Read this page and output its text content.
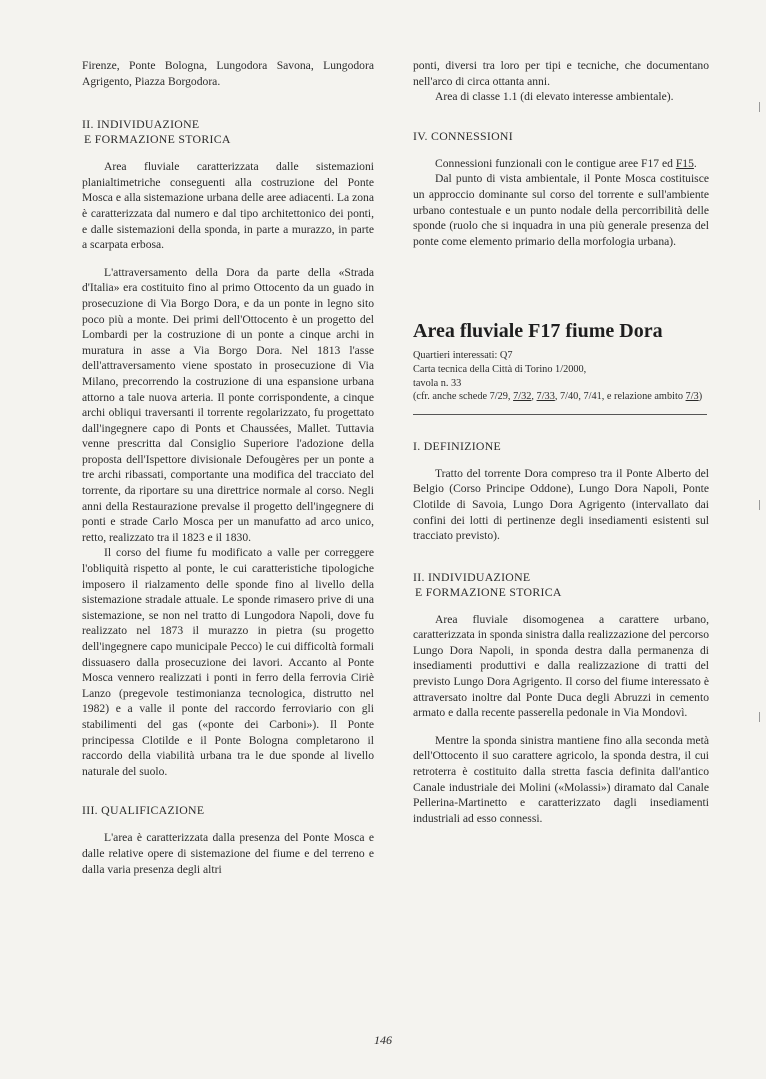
Firenze, Ponte Bologna, Lungodora Savona, Lungodora Agrigento, Piazza Borgodora.

II. INDIVIDUAZIONE
E FORMAZIONE STORICA

Area fluviale caratterizzata dalle sistemazioni planialtimetriche conseguenti alla costruzione del Ponte Mosca e alla sistemazione urbana delle aree adiacenti. La zona è caratterizzata dal numero e dal tipo architettonico dei ponti, e dalle sistemazioni della sponda, in parte a murazzo, in parte a scarpata erbosa.

L'attraversamento della Dora da parte della «Strada d'Italia» era costituito fino al primo Ottocento da un guado in prosecuzione di Via Borgo Dora, e da un ponte in legno sito poco più a monte. Dei primi dell'Ottocento è un progetto del Lombardi per la costruzione di un ponte a cinque archi in muratura in asse a Via Borgo Dora. Nel 1813 l'asse dell'attraversamento viene spostato in prosecuzione di Via Milano, precorrendo la costruzione di una espansione urbana attorno a tale nuova arteria. Il ponte corrispondente, a cinque archi obliqui traversanti il torrente regolarizzato, fu progettato dall'ingegnere capo di Ponts et Chaussées, Mallet. Tuttavia venne prescritta dal Consiglio Superiore l'adozione della proposta dell'Ispettore divisionale Defougères per un ponte a tre archi ribassati, comportante una modifica del tracciato del torrente, da riportare su una direttrice normale al corso. Negli anni della Restaurazione prevalse il progetto dell'ingegnere di ponti e strade Carlo Mosca per un manufatto ad arco unico, retto, realizzato tra il 1823 e il 1830.

Il corso del fiume fu modificato a valle per correggere l'obliquità rispetto al ponte, le cui caratteristiche tipologiche imposero il rialzamento delle sponde fino al livello della sistemazione stradale attuale. Le sponde rimasero prive di una sistemazione, se non nel tratto di Lungodora Napoli, dove fu realizzato nel 1873 il murazzo in pietra (su progetto dell'ingegnere capo municipale Pecco) le cui difficoltà formali dissuasero dalla prosecuzione dei lavori. Accanto al Ponte Mosca vennero realizzati i ponti in ferro della ferrovia Ciriè Lanzo (pregevole testimonianza tecnologica, distrutto nel 1982) e a valle il ponte del raccordo ferroviario con gli stabilimenti del gas («ponte dei Carboni»). Il Ponte principessa Clotilde e il Ponte Bologna completarono il raccordo della viabilità urbana tra le due sponde al livello naturale del suolo.

III. QUALIFICAZIONE

L'area è caratterizzata dalla presenza del Ponte Mosca e dalle relative opere di sistemazione del fiume e del terreno e dalla varia presenza degli altri

ponti, diversi tra loro per tipi e tecniche, che documentano nell'arco di circa ottanta anni.

Area di classe 1.1 (di elevato interesse ambientale).

IV. CONNESSIONI

Connessioni funzionali con le contigue aree F17 ed F15.

Dal punto di vista ambientale, il Ponte Mosca costituisce un approccio dominante sul corso del torrente e sull'ambiente urbano contestuale e un punto nodale della percorribilità delle sponde (ruolo che si inquadra in una più generale presenza del ponte come elemento primario della morfologia urbana).

Area fluviale F17 fiume Dora
Quartieri interessati: Q7
Carta tecnica della Città di Torino 1/2000,
tavola n. 33
(cfr. anche schede 7/29, 7/32, 7/33, 7/40, 7/41, e relazione ambito 7/3)

I. DEFINIZIONE

Tratto del torrente Dora compreso tra il Ponte Alberto del Belgio (Corso Principe Oddone), Lungo Dora Napoli, Ponte Clotilde di Savoia, Lungo Dora Agrigento (intervallato dai confini dei lotti di pertinenze degli insediamenti esistenti sul tracciato previsto).

II. INDIVIDUAZIONE
E FORMAZIONE STORICA

Area fluviale disomogenea a carattere urbano, caratterizzata in sponda sinistra dalla realizzazione del percorso Lungo Dora Napoli, in sponda destra dalla permanenza di insediamenti produttivi e dalla realizzazione di tratti del previsto Lungo Dora Agrigento. Il corso del fiume interessato è attraversato inoltre dal Ponte Duca degli Abruzzi in cemento armato e dalla recente passerella pedonale in Via Mondovì.

Mentre la sponda sinistra mantiene fino alla seconda metà dell'Ottocento il suo carattere agricolo, la sponda destra, il cui retroterra è costituito dalla stretta fascia definita dall'antico Canale industriale dei Molini («Molassi») diramato dal Canale Pellerina-Martinetto e caratterizzato dagli insediamenti industriali ad esso connessi.

146
